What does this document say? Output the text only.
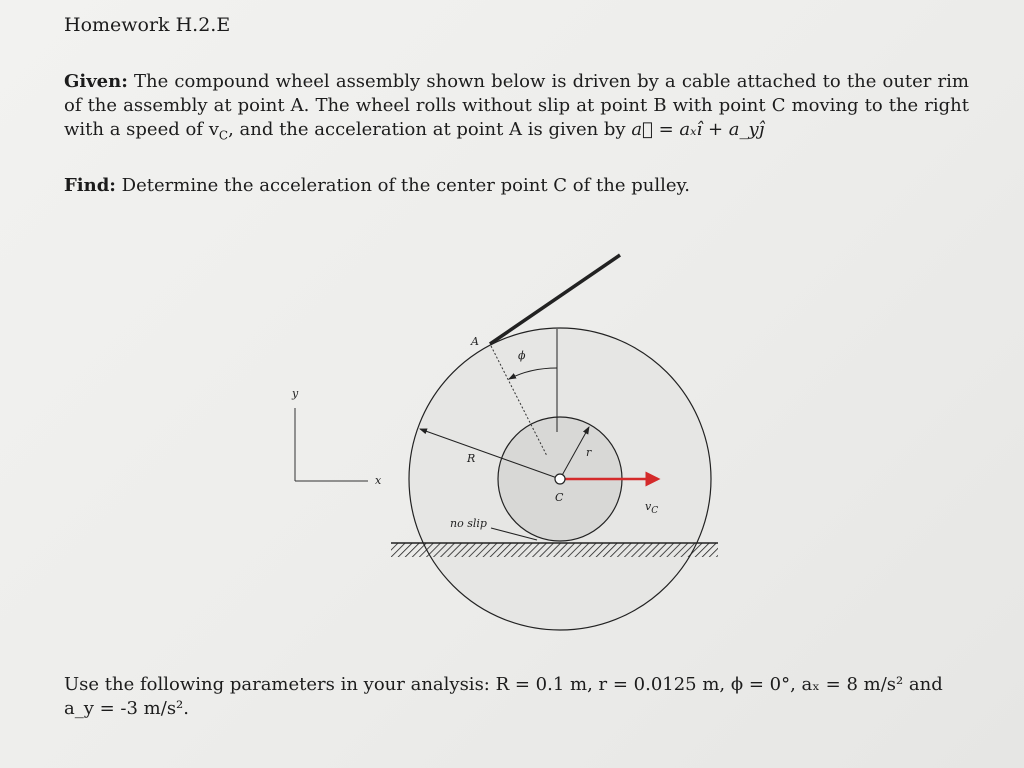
Homework H.2.E

Given: The compound wheel assembly shown below is driven by a cable attached to the outer rim of the assembly at point A. The wheel rolls without slip at point B with point C moving to the right with a speed of $v_C$, and the acceleration at point A is given by a⃗ = aₓî + a_yĵ

Find: Determine the acceleration of the center point C of the pulley.
A
ϕ
y
x
R	r
C
$v_C$
no slip
Use the following parameters in your analysis: R = 0.1 m, r = 0.0125 m, ϕ = 0°, aₓ = 8 m/s² and a_y = -3 m/s².
